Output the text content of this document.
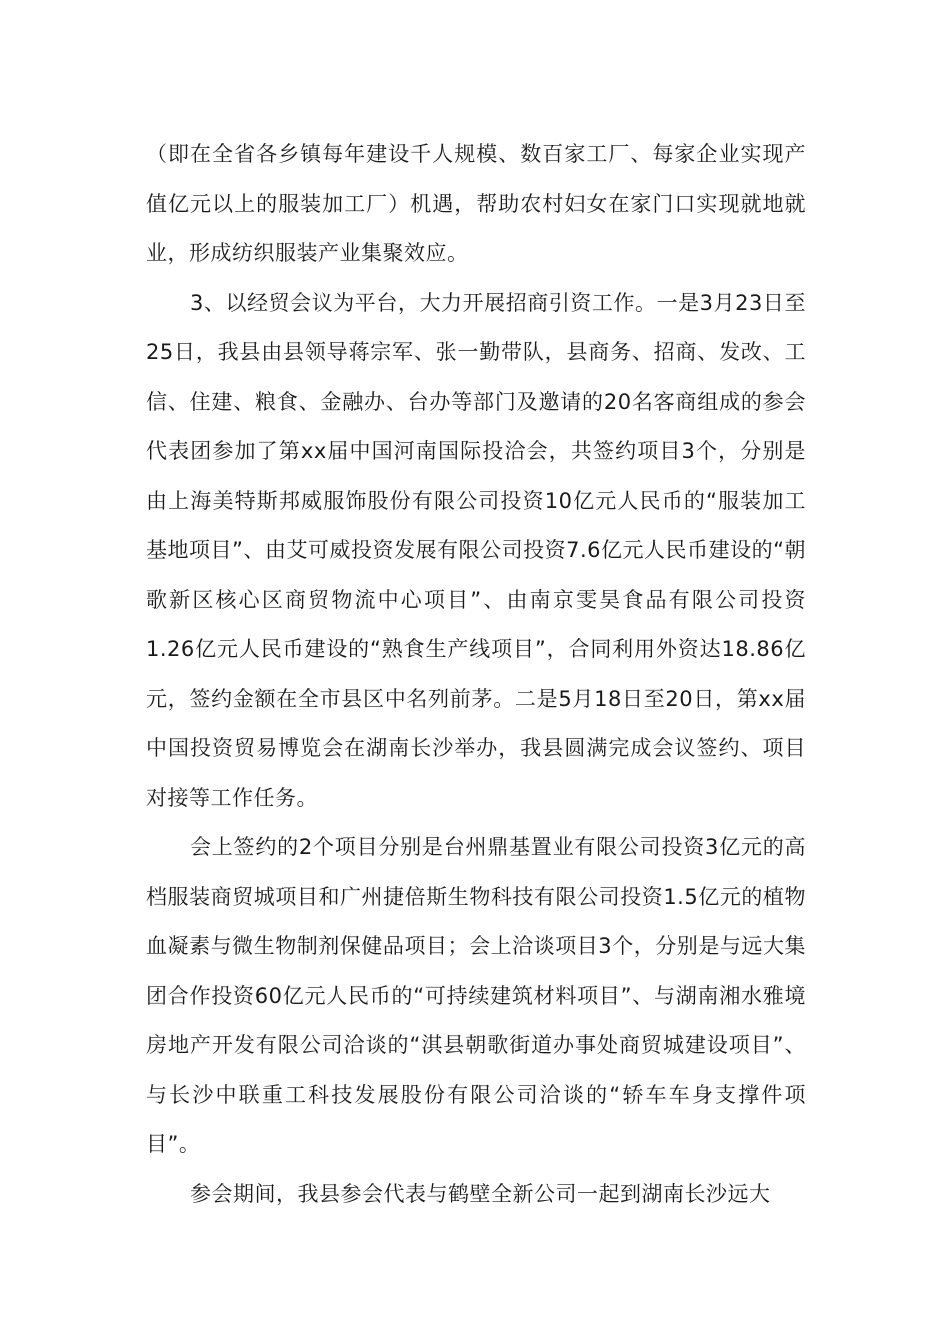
（即在全省各乡镇每年建设千人规模、数百家工厂、每家企业实现产值亿元以上的服装加工厂）机遇，帮助农村妇女在家门口实现就地就业，形成纺织服装产业集聚效应。

3、以经贸会议为平台，大力开展招商引资工作。一是3月23日至25日，我县由县领导蒋宗军、张一勤带队，县商务、招商、发改、工信、住建、粮食、金融办、台办等部门及邀请的20名客商组成的参会代表团参加了第xx届中国河南国际投洽会，共签约项目3个，分别是由上海美特斯邦威服饰股份有限公司投资10亿元人民币的“服装加工基地项目”、由艾可威投资发展有限公司投资7.6亿元人民币建设的“朝歌新区核心区商贸物流中心项目”、由南京雯昊食品有限公司投资1.26亿元人民币建设的“熟食生产线项目”，合同利用外资达18.86亿元，签约金额在全市县区中名列前茅。二是5月18日至20日，第xx届中国投资贸易博览会在湖南长沙举办，我县圆满完成会议签约、项目对接等工作任务。

会上签约的2个项目分别是台州鼎基置业有限公司投资3亿元的高档服装商贸城项目和广州捷倍斯生物科技有限公司投资1.5亿元的植物血凝素与微生物制剂保健品项目；会上洽谈项目3个，分别是与远大集团合作投资60亿元人民币的“可持续建筑材料项目”、与湖南湘水雅境房地产开发有限公司洽谈的“淇县朝歌街道办事处商贸城建设项目”、与长沙中联重工科技发展股份有限公司洽谈的“轿车车身支撑件项目”。

参会期间，我县参会代表与鹤壁全新公司一起到湖南长沙远大
